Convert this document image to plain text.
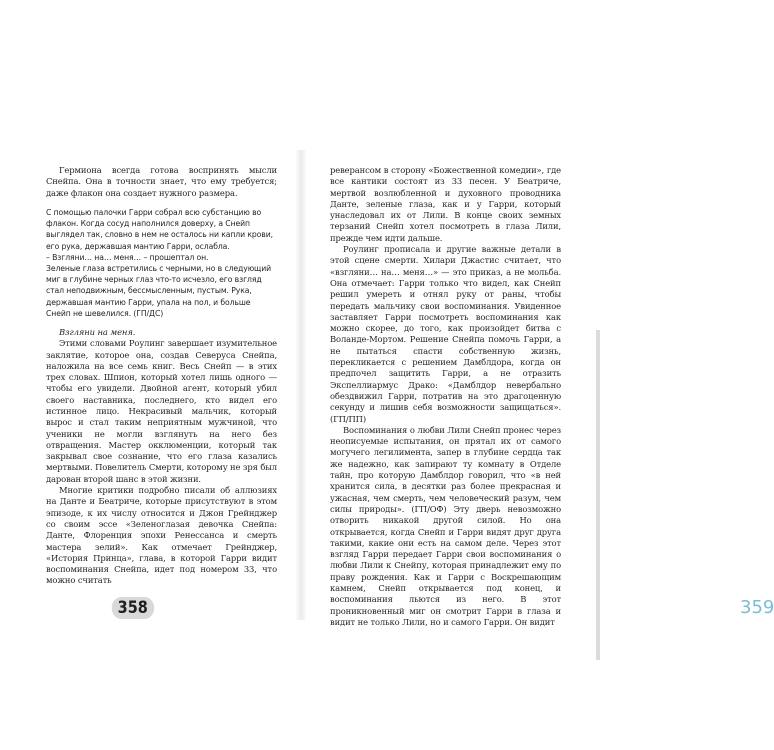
Гермиона всегда готова воспринять мысли Снейпа. Она в точности знает, что ему требуется; даже флакон она создает нужного размера.

С помощью палочки Гарри собрал всю субстанцию во флакон. Когда сосуд наполнился доверху, а Снейп выглядел так, словно в нем не осталось ни капли крови, его рука, державшая мантию Гарри, ослабла.

– Взгляни… на… меня… – прошептал он.

Зеленые глаза встретились с черными, но в следующий миг в глубине черных глаз что-то исчезло, его взгляд стал неподвижным, бессмысленным, пустым. Рука, державшая мантию Гарри, упала на пол, и больше Снейп не шевелился. (ГП/ДС)

Взгляни на меня.

Этими словами Роулинг завершает изумительное заклятие, которое она, создав Северуса Снейпа, наложила на все семь книг. Весь Снейп — в этих трех словах. Шпион, который хотел лишь одного — чтобы его увидели. Двойной агент, который убил своего наставника, последнего, кто видел его истинное лицо. Некрасивый мальчик, который вырос и стал таким неприятным мужчиной, что ученики не могли взглянуть на него без отвращения. Мастер окклюменции, который так закрывал свое сознание, что его глаза казались мертвыми. Повелитель Смерти, которому не зря был дарован второй шанс в этой жизни.

Многие критики подробно писали об аллюзиях на Данте и Беатриче, которые присутствуют в этом эпизоде, к их числу относится и Джон Грейнджер со своим эссе «Зеленоглазая девочка Снейпа: Данте, Флоренция эпохи Ренессанса и смерть мастера зелий». Как отмечает Грейнджер, «История Принца», глава, в которой Гарри видит воспоминания Снейпа, идет под номером 33, что можно считать

358

реверансом в сторону «Божественной комедии», где все кантики состоят из 33 песен. У Беатриче, мертвой возлюбленной и духовного проводника Данте, зеленые глаза, как и у Гарри, который унаследовал их от Лили. В конце своих земных терзаний Снейп хотел посмотреть в глаза Лили, прежде чем идти дальше.

Роулинг прописала и другие важные детали в этой сцене смерти. Хилари Джастис считает, что «взгляни… на… меня…» — это приказ, а не мольба. Она отмечает: Гарри только что видел, как Снейп решил умереть и отнял руку от раны, чтобы передать мальчику свои воспоминания. Увиденное заставляет Гарри посмотреть воспоминания как можно скорее, до того, как произойдет битва с Воланде-Мортом. Решение Снейпа помочь Гарри, а не пытаться спасти собственную жизнь, перекликается с решением Дамблдора, когда он предпочел защитить Гарри, а не отразить Экспеллиармус Драко: «Дамблдор невербально обездвижил Гарри, потратив на это драгоценную секунду и лишив себя возможности защищаться». (ГП/ПП)

Воспоминания о любви Лили Снейп пронес через неописуемые испытания, он прятал их от самого могучего легилимента, запер в глубине сердца так же надежно, как запирают ту комнату в Отделе тайн, про которую Дамблдор говорил, что «в ней хранится сила, в десятки раз более прекрасная и ужасная, чем смерть, чем человеческий разум, чем силы природы». (ГП/ОФ) Эту дверь невозможно отворить никакой другой силой. Но она открывается, когда Снейп и Гарри видят друг друга такими, какие они есть на самом деле. Через этот взгляд Гарри передает Гарри свои воспоминания о любви Лили к Снейпу, которая принадлежит ему по праву рождения. Как и Гарри с Воскрешающим камнем, Снейп открывается под конец, и воспоминания льются из него. В этот проникновенный миг он смотрит Гарри в глаза и видит не только Лили, но и самого Гарри. Он видит

359
